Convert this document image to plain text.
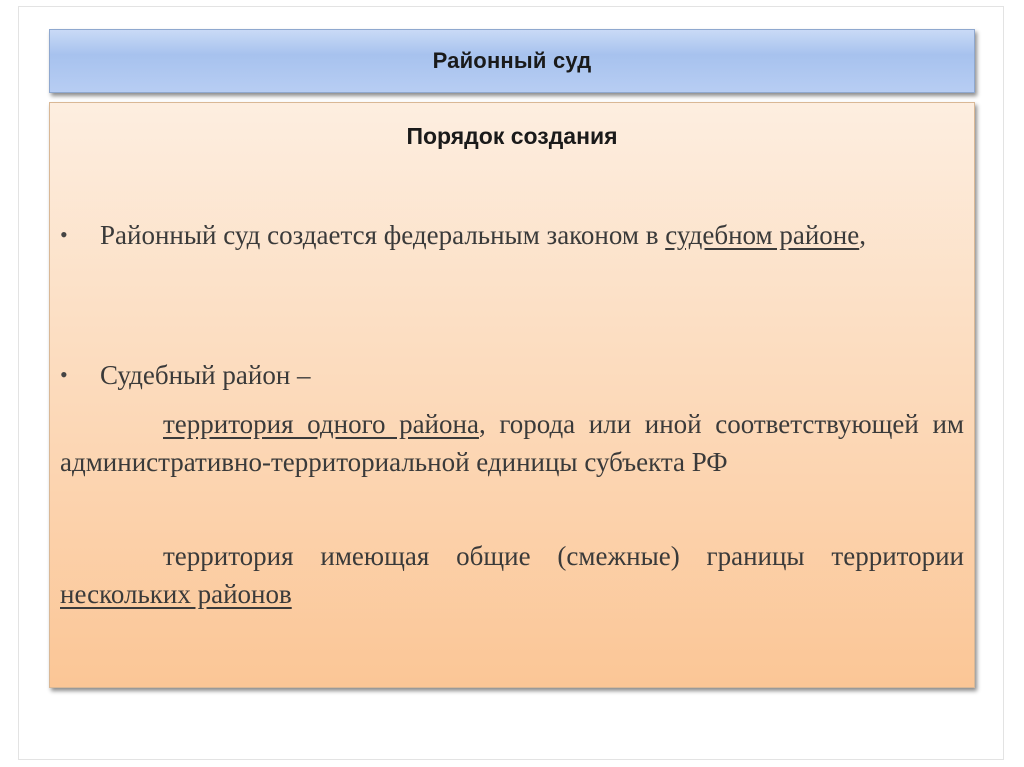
Районный суд
Порядок создания
•	Районный суд создается федеральным законом в судебном районе,
•	Судебный район –
территория одного района, города или иной соответствующей им административно-территориальной единицы субъекта РФ
территория имеющая общие (смежные) границы территории нескольких районов
